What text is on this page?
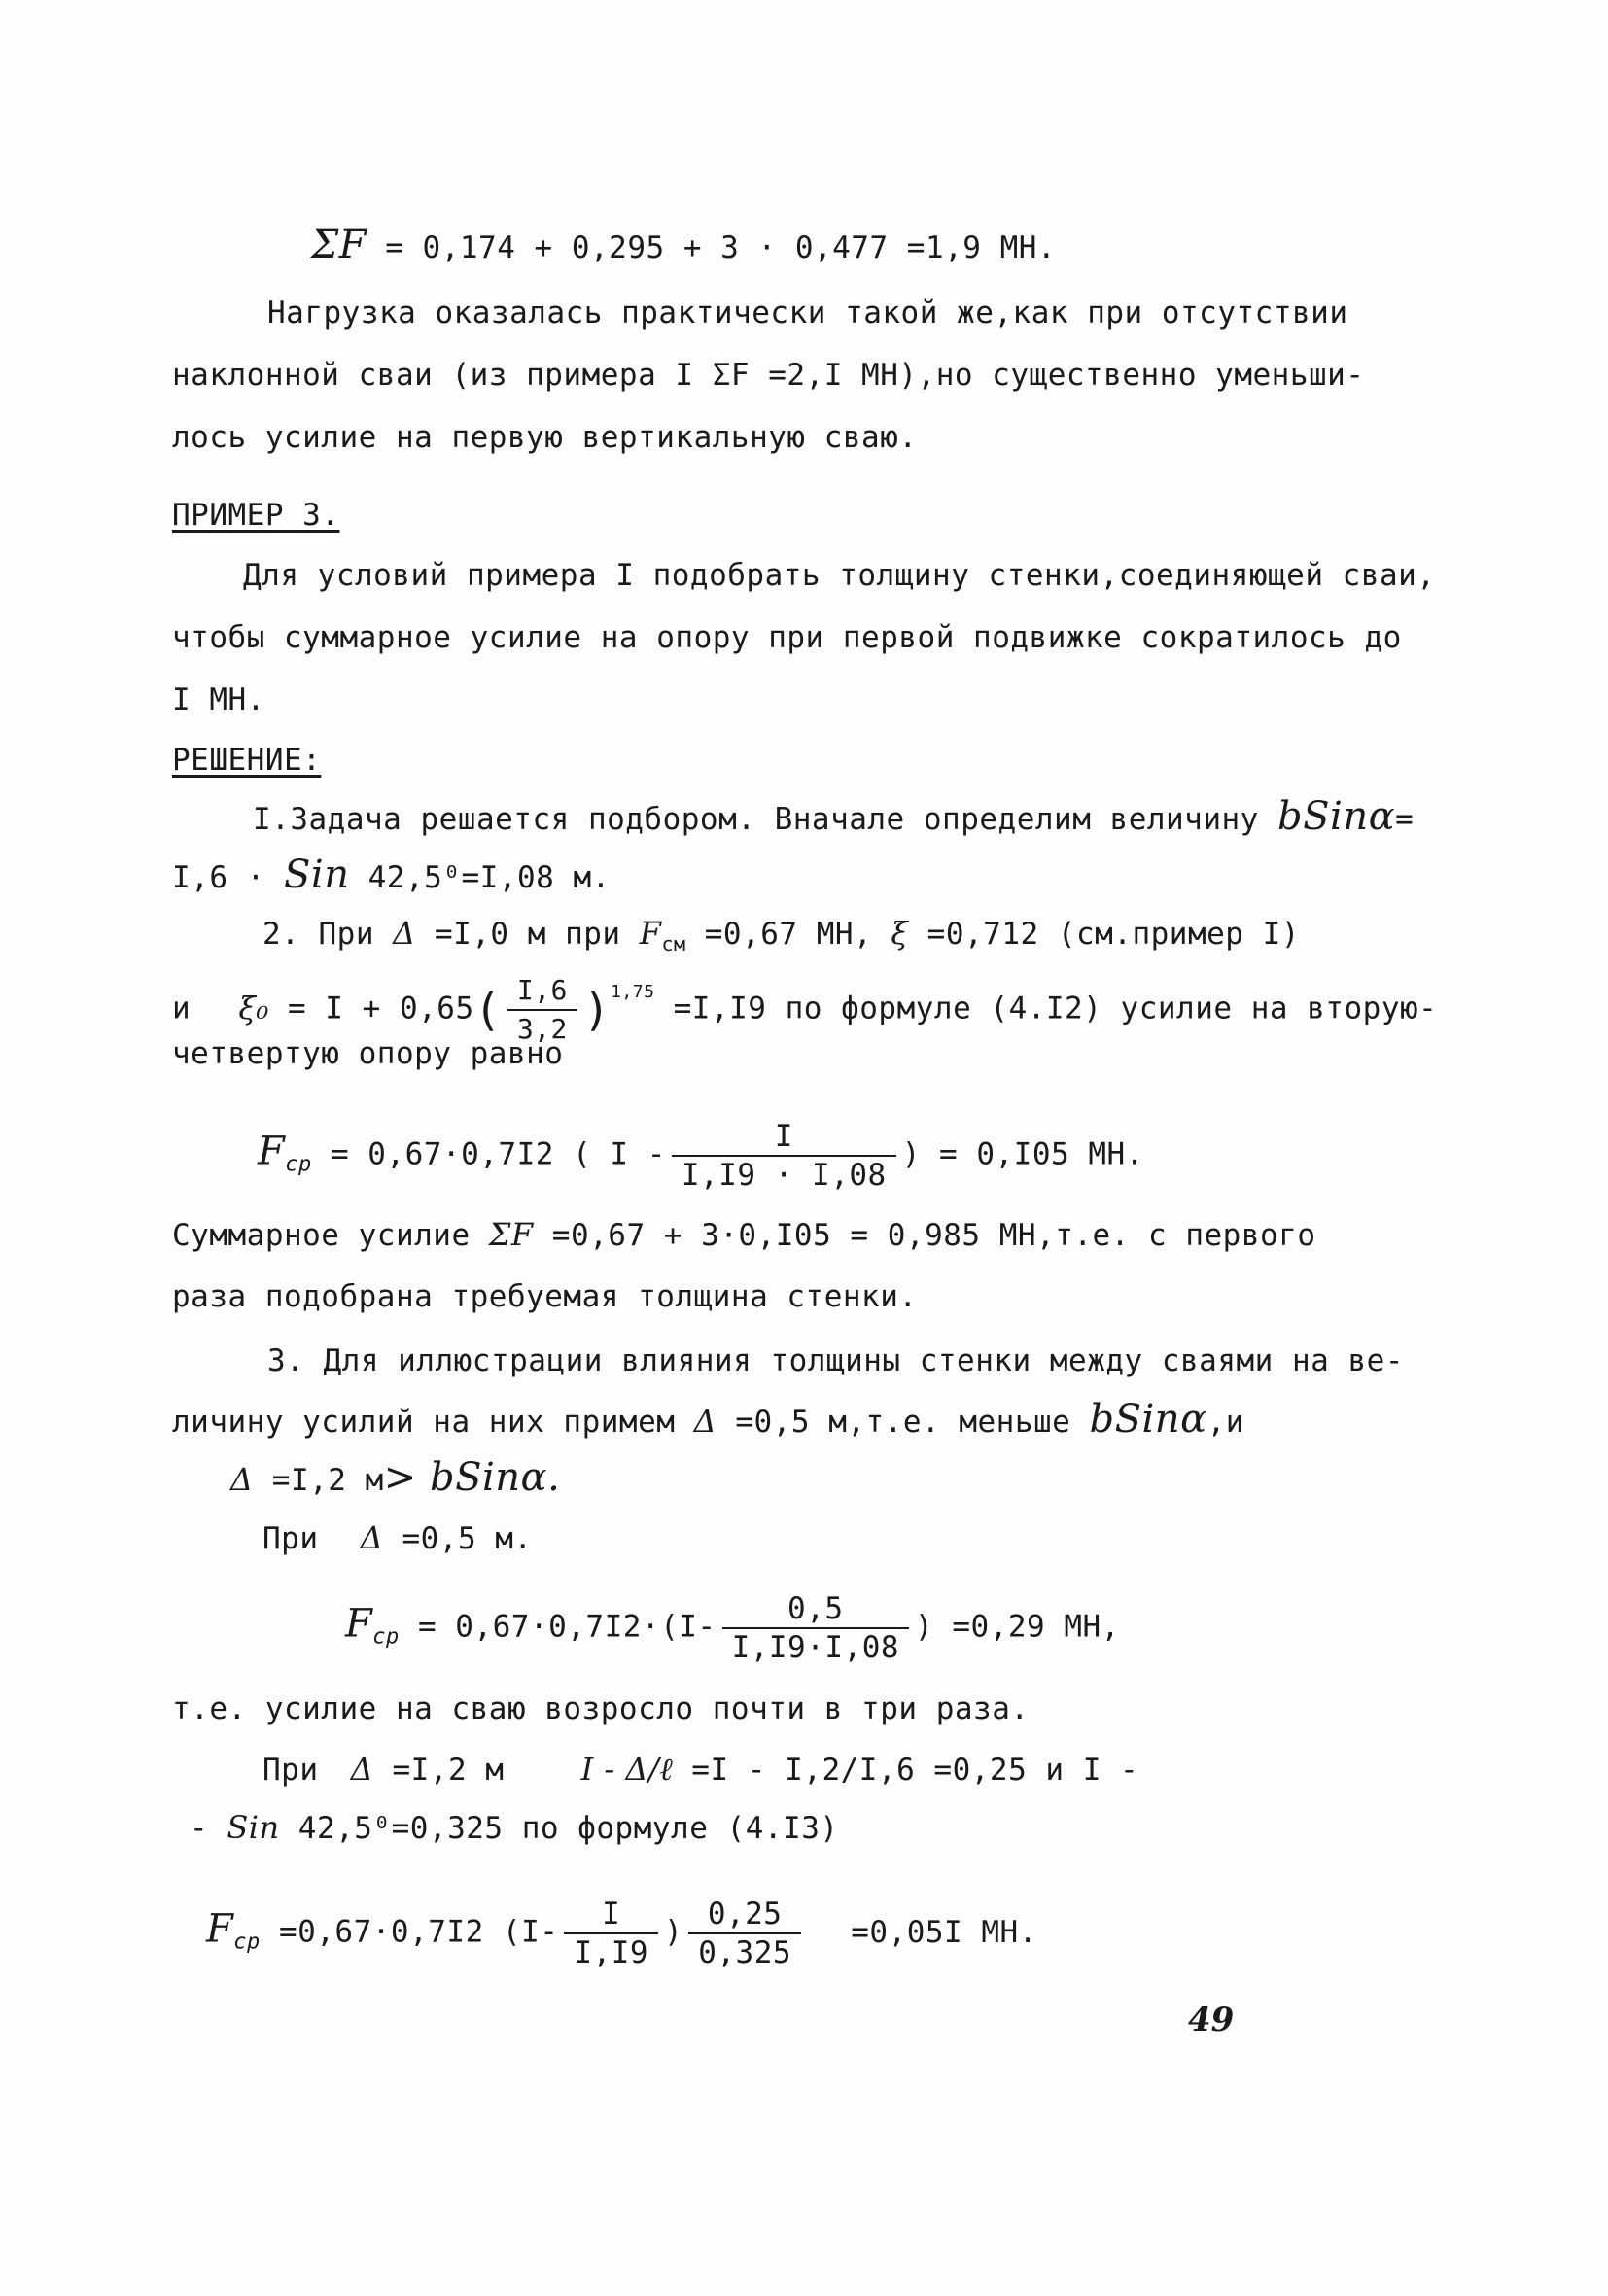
ΣF = 0,174 + 0,295 + 3 · 0,477 =1,9 МН.
Нагрузка оказалась практически такой же,как при отсутствии
наклонной сваи (из примера I ΣF =2,I МН),но существенно уменьши-
лось усилие на первую вертикальную сваю.
ПРИМЕР 3.
Для условий примера I подобрать толщину стенки,соединяющей сваи,
чтобы суммарное усилие на опору при первой подвижке сократилось до
I МН.
РЕШЕНИЕ:
I.Задача решается подбором. Вначале определим величину bSinα=
I,6 · Sin 42,5⁰=I,08 м.
2. При Δ =I,0 м при $F_{см} =0,67$ МН, ξ =0,712 (см.пример I)
и $\xi_0 = I + 0,65( \frac{I,6}{3,2} )^{1,75} =I,I9$ по формуле (4.I2) усилие на вторую-
четвертую опору равно
$F_{cp} = 0,67\cdot 0,7I2$ ( I - $\frac{I}{I,I9 \cdot I,08}$ ) = 0,I05 МН.
Суммарное усилие ΣF =0,67 + 3·0,I05 = 0,985 МН,т.е. с первого
раза подобрана требуемая толщина стенки.
3. Для иллюстрации влияния толщины стенки между сваями на ве-
личину усилий на них примем Δ =0,5 м,т.е. меньше bSinα,и
Δ =I,2 м> bSinα.
При Δ =0,5 м.
$F_{cp} = 0,67\cdot 0,7I2\cdot(I- \frac{0,5}{I,I9\cdot I,08}$ ) =0,29 МН,
т.е. усилие на сваю возросло почти в три раза.
При Δ =I,2 м I - Δ/ℓ =I - I,2/I,6 =0,25 и I -
- Sin 42,5⁰=0,325 по формуле (4.I3)
$F_{cp} =0,67\cdot 0,7I2$ ($I- \frac{I}{I,I9}$ ) $\frac{0,25}{0,325} =0,05I$ МН.
49
